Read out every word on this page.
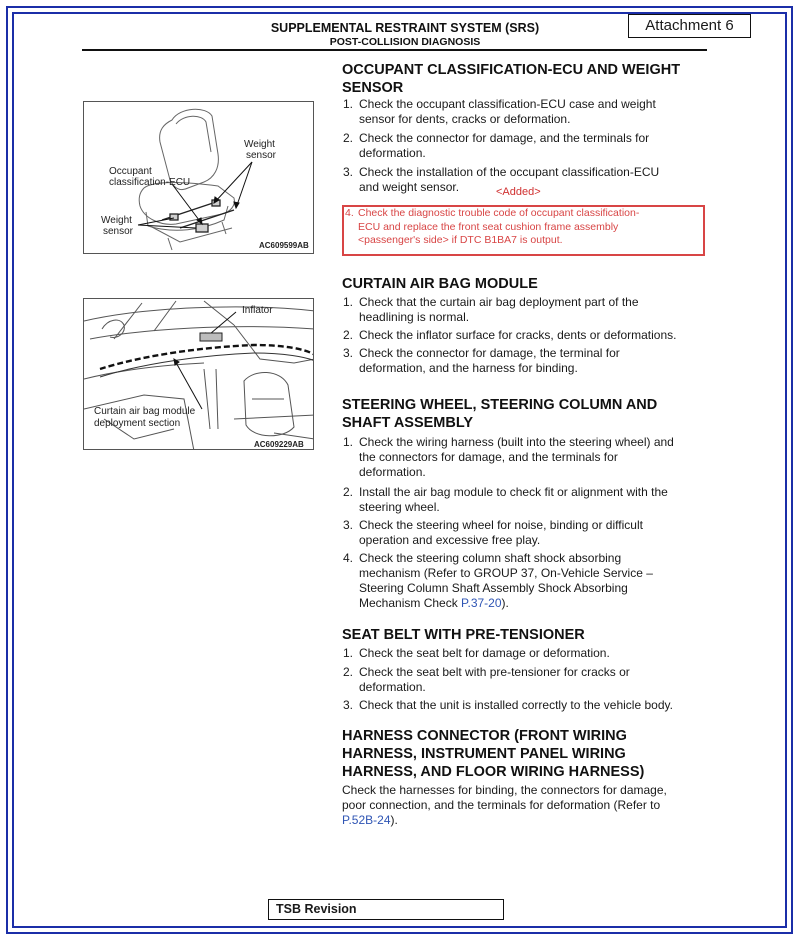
SUPPLEMENTAL RESTRAINT SYSTEM (SRS)
POST-COLLISION DIAGNOSIS
Attachment 6
Weight
sensor
Occupant
classification-ECU
Weight
sensor
AC609599AB
Inflator
Curtain air bag module
deployment section
AC609229AB
OCCUPANT CLASSIFICATION-ECU AND WEIGHT
SENSOR
1. Check the occupant classification-ECU case and weight
sensor for dents, cracks or deformation.
2. Check the connector for damage, and the terminals for
deformation.
3. Check the installation of the occupant classification-ECU
and weight sensor.	<Added>
4. Check the diagnostic trouble code of occupant classification-
ECU and replace the front seat cushion frame assembly
<passenger's side> if DTC B1BA7 is output.
CURTAIN AIR BAG MODULE
1. Check that the curtain air bag deployment part of the
headlining is normal.
2. Check the inflator surface for cracks, dents or deformations.
3. Check the connector for damage, the terminal for
deformation, and the harness for binding.
STEERING WHEEL, STEERING COLUMN AND
SHAFT ASSEMBLY
1. Check the wiring harness (built into the steering wheel) and
the connectors for damage, and the terminals for
deformation.
2. Install the air bag module to check fit or alignment with the
steering wheel.
3. Check the steering wheel for noise, binding or difficult
operation and excessive free play.
4. Check the steering column shaft shock absorbing
mechanism (Refer to GROUP 37, On-Vehicle Service –
Steering Column Shaft Assembly Shock Absorbing
Mechanism Check P.37-20).
SEAT BELT WITH PRE-TENSIONER
1. Check the seat belt for damage or deformation.
2. Check the seat belt with pre-tensioner for cracks or
deformation.
3. Check that the unit is installed correctly to the vehicle body.
HARNESS CONNECTOR (FRONT WIRING
HARNESS, INSTRUMENT PANEL WIRING
HARNESS, AND FLOOR WIRING HARNESS)
Check the harnesses for binding, the connectors for damage,
poor connection, and the terminals for deformation (Refer to
P.52B-24).
TSB Revision
